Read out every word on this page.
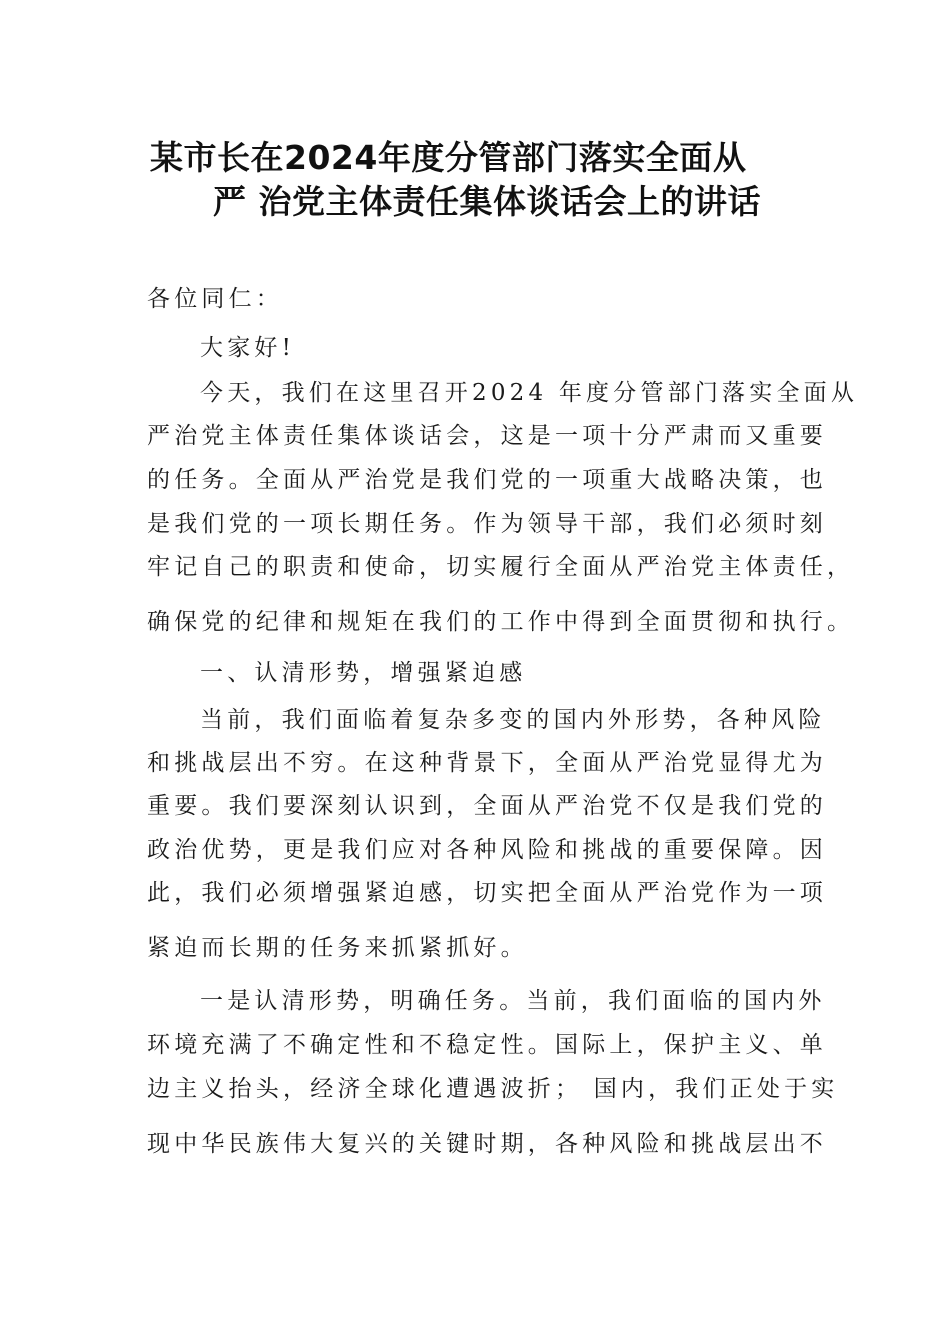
某市长在2024年度分管部门落实全面从
严 治党主体责任集体谈话会上的讲话
各位同仁：
大家好!
今天，我们在这里召开2024 年度分管部门落实全面从
严治党主体责任集体谈话会，这是一项十分严肃而又重要
的任务。全面从严治党是我们党的一项重大战略决策，也
是我们党的一项长期任务。作为领导干部，我们必须时刻
牢记自己的职责和使命，切实履行全面从严治党主体责任，
确保党的纪律和规矩在我们的工作中得到全面贯彻和执行。
一、认清形势，增强紧迫感
当前，我们面临着复杂多变的国内外形势，各种风险
和挑战层出不穷。在这种背景下，全面从严治党显得尤为
重要。我们要深刻认识到，全面从严治党不仅是我们党的
政治优势，更是我们应对各种风险和挑战的重要保障。因
此，我们必须增强紧迫感，切实把全面从严治党作为一项
紧迫而长期的任务来抓紧抓好。
一是认清形势，明确任务。当前，我们面临的国内外
环境充满了不确定性和不稳定性。国际上，保护主义、单
边主义抬头，经济全球化遭遇波折； 国内，我们正处于实
现中华民族伟大复兴的关键时期，各种风险和挑战层出不
